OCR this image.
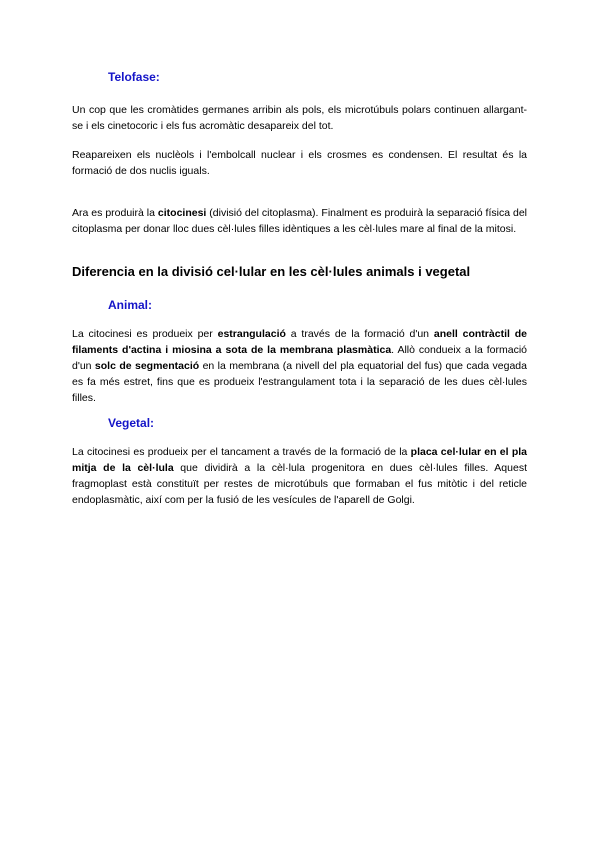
Telofase:

Un cop que les cromàtides germanes arribin als pols, els microtúbuls polars continuen allargant-se i els cinetocoric i els fus acromàtic desapareix del tot.

Reapareixen els nuclèols i l'embolcall nuclear i els crosmes es condensen. El resultat és la formació de dos nuclis iguals.

Ara es produirà la citocinesi (divisió del citoplasma). Finalment es produirà la separació física del citoplasma per donar lloc dues cèl·lules filles idèntiques a les cèl·lules mare al final de la mitosi.

Diferencia en la divisió cel·lular en les cèl·lules animals i vegetal
Animal:

La citocinesi es produeix per estrangulació a través de la formació d'un anell contràctil de filaments d'actina i miosina a sota de la membrana plasmàtica. Allò condueix a la formació d'un solc de segmentació en la membrana (a nivell del pla equatorial del fus) que cada vegada es fa més estret, fins que es produeix l'estrangulament tota i la separació de les dues cèl·lules filles.

Vegetal:

La citocinesi es produeix per el tancament a través de la formació de la placa cel·lular en el pla mitja de la cèl·lula que dividirà a la cèl·lula progenitora en dues cèl·lules filles. Aquest fragmoplast està constituït per restes de microtúbuls que formaban el fus mitòtic i del reticle endoplasmàtic, així com per la fusió de les vesícules de l'aparell de Golgi.
